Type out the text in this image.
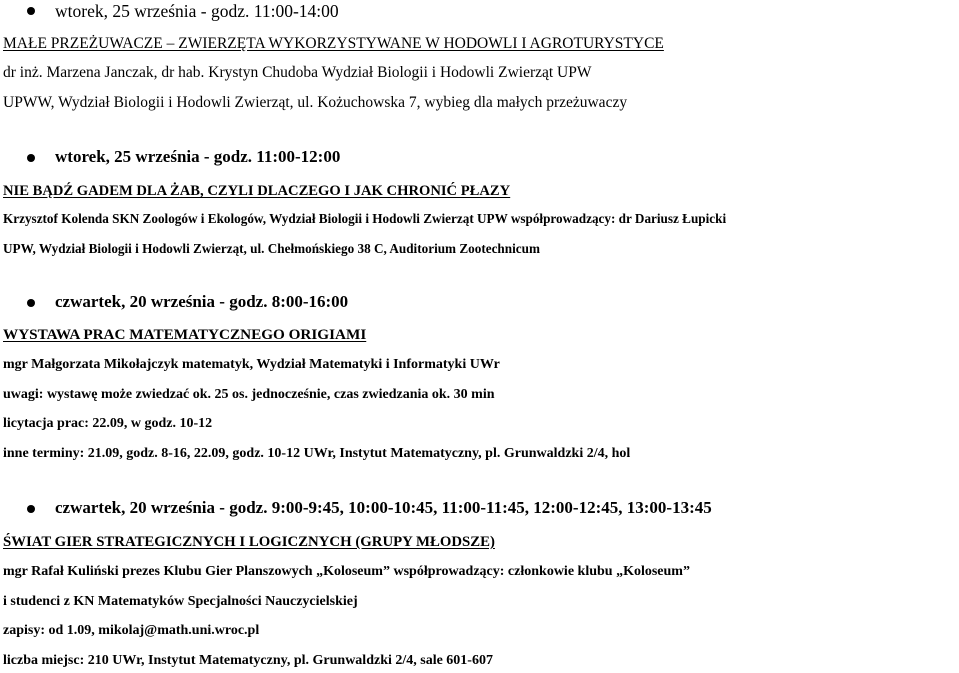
wtorek, 25 września - godz. 11:00-14:00
MAŁE PRZEŻUWACZE – ZWIERZĘTA WYKORZYSTYWANE W HODOWLI I AGROTURYSTYCE
dr inż. Marzena Janczak, dr hab. Krystyn Chudoba Wydział Biologii i Hodowli Zwierząt UPW
UPWW, Wydział Biologii i Hodowli Zwierząt, ul. Kożuchowska 7, wybieg dla małych przeżuwaczy
wtorek, 25 września - godz. 11:00-12:00
NIE BĄDŹ GADEM DLA ŻAB, CZYLI DLACZEGO I JAK CHRONIĆ PŁAZY
Krzysztof Kolenda SKN Zoologów i Ekologów, Wydział Biologii i Hodowli Zwierząt UPW współprowadzący: dr Dariusz Łupicki
UPW, Wydział Biologii i Hodowli Zwierząt, ul. Chełmońskiego 38 C, Auditorium Zootechnicum
czwartek, 20 września - godz. 8:00-16:00
WYSTAWA PRAC MATEMATYCZNEGO ORIGIAMI
mgr Małgorzata Mikołajczyk matematyk, Wydział Matematyki i Informatyki UWr
uwagi: wystawę może zwiedzać ok. 25 os. jednocześnie, czas zwiedzania ok. 30 min
licytacja prac: 22.09, w godz. 10-12
inne terminy: 21.09, godz. 8-16, 22.09, godz. 10-12 UWr, Instytut Matematyczny, pl. Grunwaldzki 2/4, hol
czwartek, 20 września - godz. 9:00-9:45, 10:00-10:45, 11:00-11:45, 12:00-12:45, 13:00-13:45
ŚWIAT GIER STRATEGICZNYCH I LOGICZNYCH (GRUPY MŁODSZE)
mgr Rafał Kuliński prezes Klubu Gier Planszowych „Koloseum” współprowadzący: członkowie klubu „Koloseum”
i studenci z KN Matematyków Specjalności Nauczycielskiej
zapisy: od 1.09, mikolaj@math.uni.wroc.pl
liczba miejsc: 210 UWr, Instytut Matematyczny, pl. Grunwaldzki 2/4, sale 601-607
